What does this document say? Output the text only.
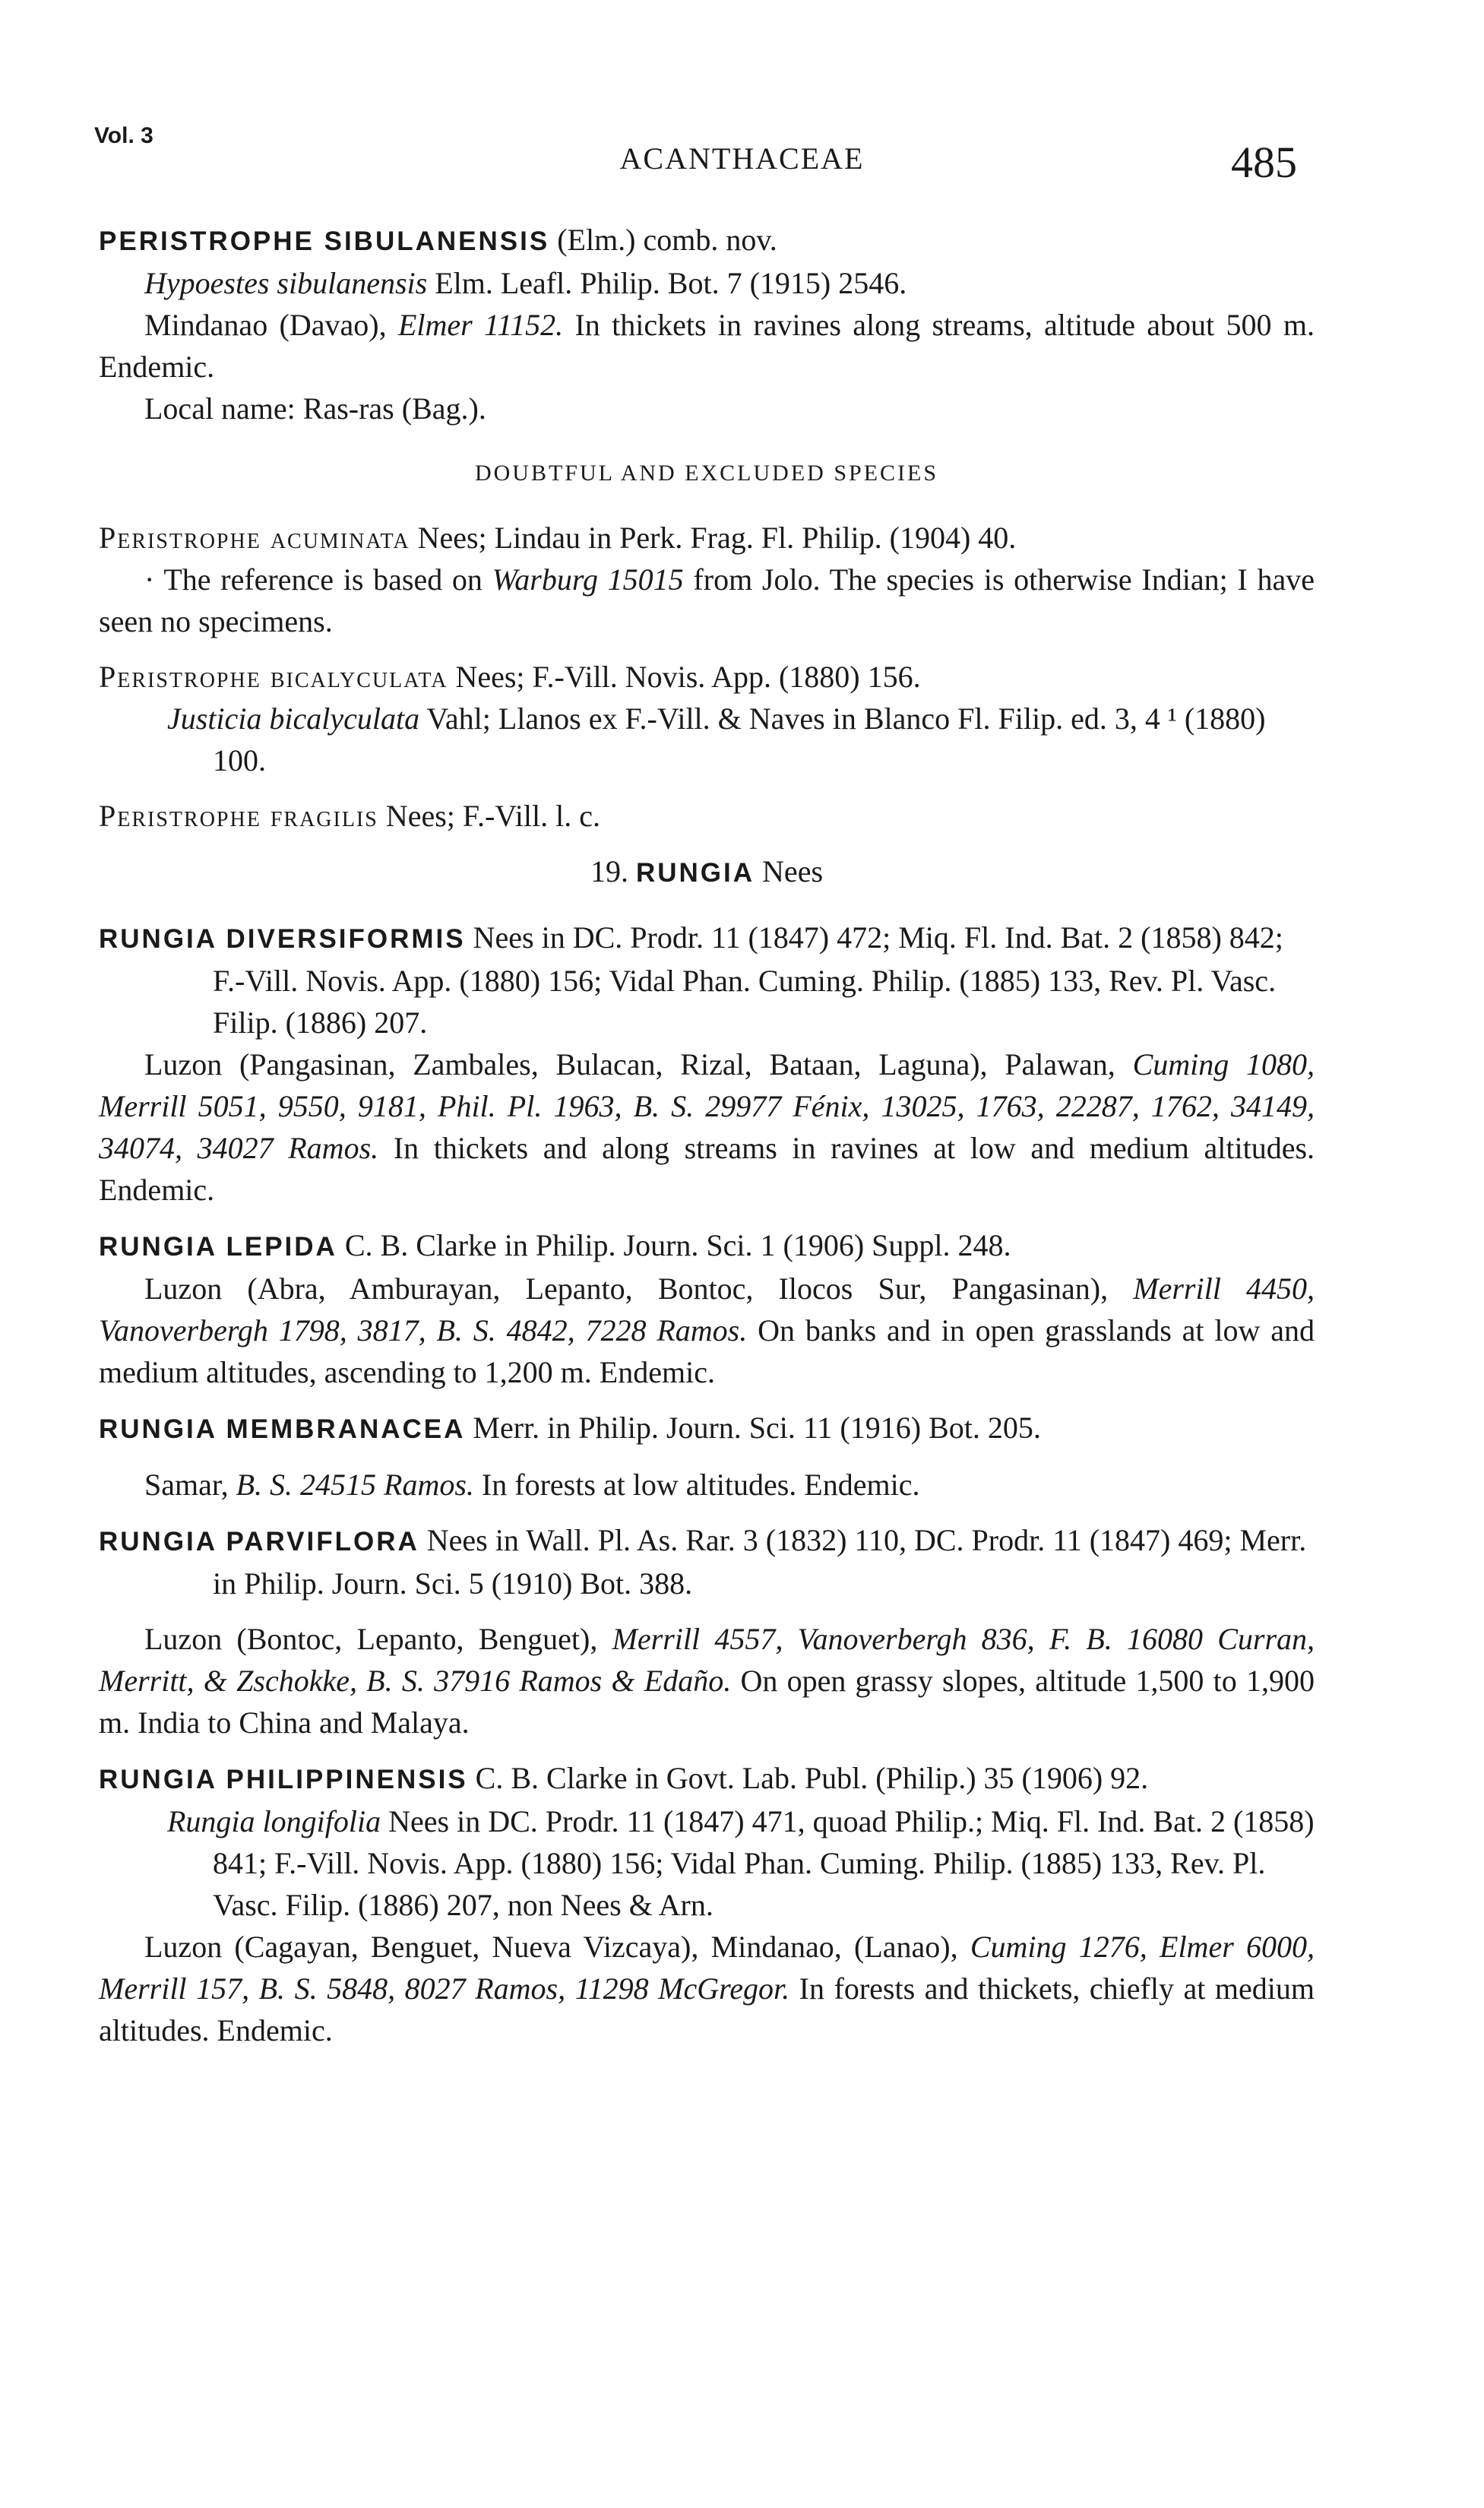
Vol. 3
ACANTHACEAE	485
PERISTROPHE SIBULANENSIS (Elm.) comb. nov.
Hypoestes sibulanensis Elm. Leafl. Philip. Bot. 7 (1915) 2546.
Mindanao (Davao), Elmer 11152. In thickets in ravines along streams, altitude about 500 m. Endemic.
Local name: Ras-ras (Bag.).
DOUBTFUL AND EXCLUDED SPECIES
Peristrophe acuminata Nees; Lindau in Perk. Frag. Fl. Philip. (1904) 40.
· The reference is based on Warburg 15015 from Jolo. The species is otherwise Indian; I have seen no specimens.
Peristrophe bicalyculata Nees; F.-Vill. Novis. App. (1880) 156.
Justicia bicalyculata Vahl; Llanos ex F.-Vill. & Naves in Blanco Fl. Filip. ed. 3, 4 ¹ (1880) 100.
Peristrophe fragilis Nees; F.-Vill. l. c.
19. RUNGIA Nees
RUNGIA DIVERSIFORMIS Nees in DC. Prodr. 11 (1847) 472; Miq. Fl. Ind. Bat. 2 (1858) 842; F.-Vill. Novis. App. (1880) 156; Vidal Phan. Cuming. Philip. (1885) 133, Rev. Pl. Vasc. Filip. (1886) 207.
Luzon (Pangasinan, Zambales, Bulacan, Rizal, Bataan, Laguna), Palawan, Cuming 1080, Merrill 5051, 9550, 9181, Phil. Pl. 1963, B. S. 29977 Fénix, 13025, 1763, 22287, 1762, 34149, 34074, 34027 Ramos. In thickets and along streams in ravines at low and medium altitudes. Endemic.
RUNGIA LEPIDA C. B. Clarke in Philip. Journ. Sci. 1 (1906) Suppl. 248.
Luzon (Abra, Amburayan, Lepanto, Bontoc, Ilocos Sur, Pangasinan), Merrill 4450, Vanoverbergh 1798, 3817, B. S. 4842, 7228 Ramos. On banks and in open grasslands at low and medium altitudes, ascending to 1,200 m. Endemic.
RUNGIA MEMBRANACEA Merr. in Philip. Journ. Sci. 11 (1916) Bot. 205.
Samar, B. S. 24515 Ramos. In forests at low altitudes. Endemic.
RUNGIA PARVIFLORA Nees in Wall. Pl. As. Rar. 3 (1832) 110, DC. Prodr. 11 (1847) 469; Merr. in Philip. Journ. Sci. 5 (1910) Bot. 388.
Luzon (Bontoc, Lepanto, Benguet), Merrill 4557, Vanoverbergh 836, F. B. 16080 Curran, Merritt, & Zschokke, B. S. 37916 Ramos & Edaño. On open grassy slopes, altitude 1,500 to 1,900 m. India to China and Malaya.
RUNGIA PHILIPPINENSIS C. B. Clarke in Govt. Lab. Publ. (Philip.) 35 (1906) 92.
Rungia longifolia Nees in DC. Prodr. 11 (1847) 471, quoad Philip.; Miq. Fl. Ind. Bat. 2 (1858) 841; F.-Vill. Novis. App. (1880) 156; Vidal Phan. Cuming. Philip. (1885) 133, Rev. Pl. Vasc. Filip. (1886) 207, non Nees & Arn.
Luzon (Cagayan, Benguet, Nueva Vizcaya), Mindanao, (Lanao), Cuming 1276, Elmer 6000, Merrill 157, B. S. 5848, 8027 Ramos, 11298 McGregor. In forests and thickets, chiefly at medium altitudes. Endemic.
